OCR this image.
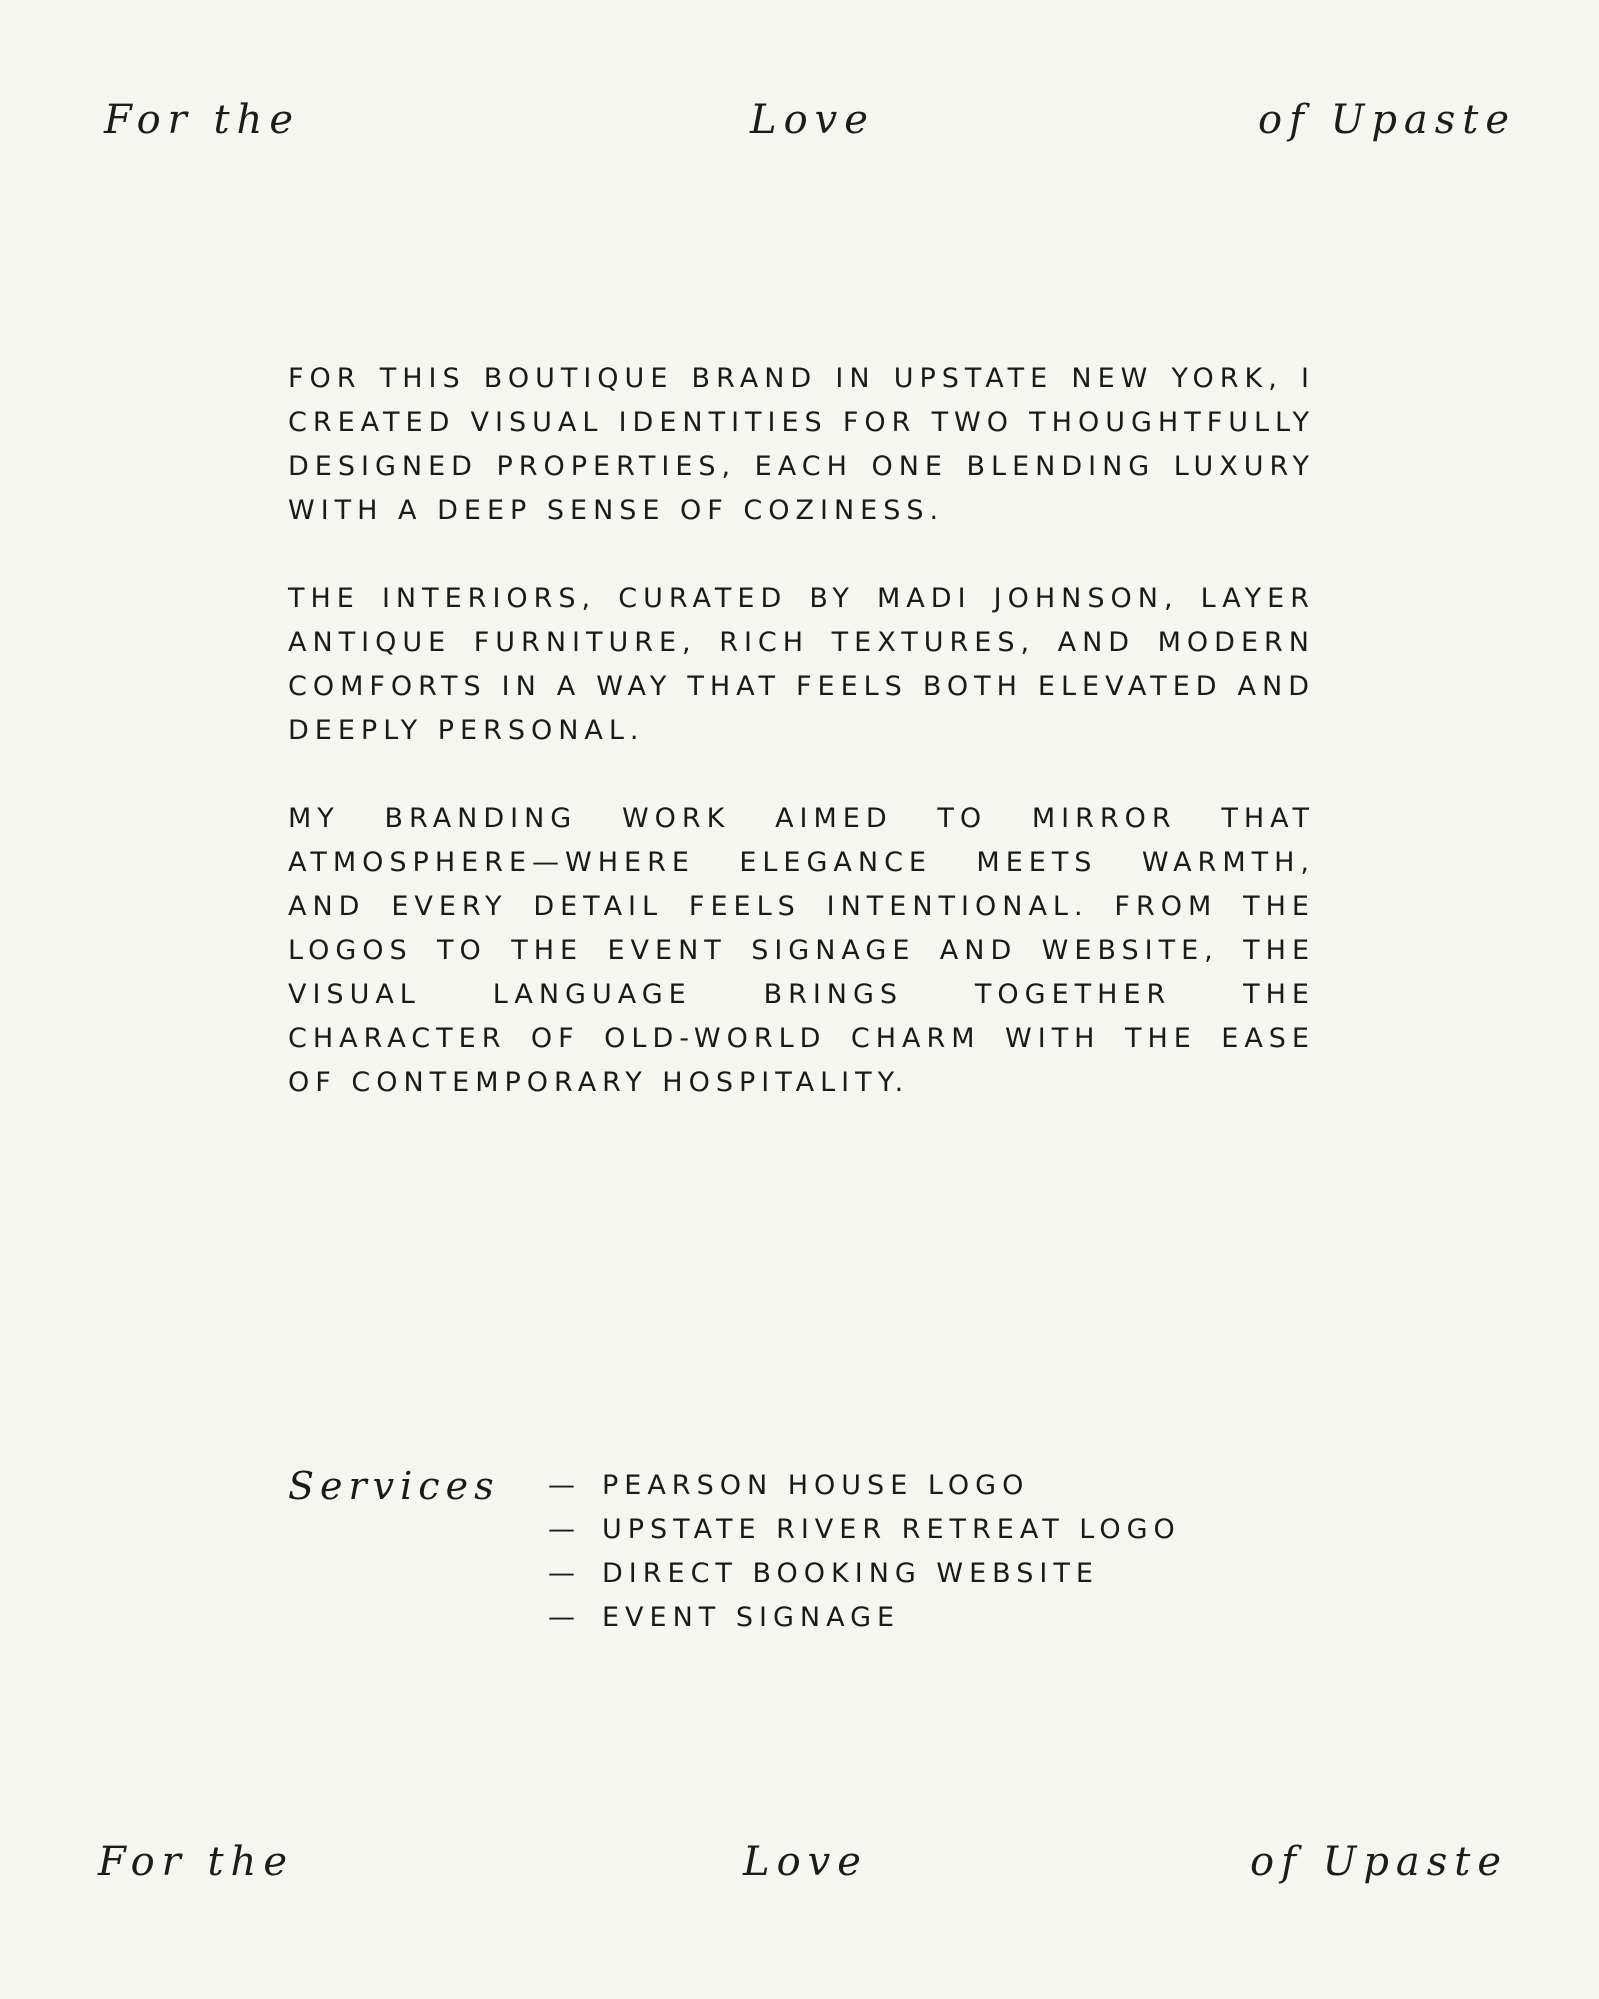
For the	Love	of Upaste

FOR THIS BOUTIQUE BRAND IN UPSTATE NEW YORK, I CREATED VISUAL IDENTITIES FOR TWO THOUGHTFULLY DESIGNED PROPERTIES, EACH ONE BLENDING LUXURY WITH A DEEP SENSE OF COZINESS.

THE INTERIORS, CURATED BY MADI JOHNSON, LAYER ANTIQUE FURNITURE, RICH TEXTURES, AND MODERN COMFORTS IN A WAY THAT FEELS BOTH ELEVATED AND DEEPLY PERSONAL.

MY BRANDING WORK AIMED TO MIRROR THAT ATMOSPHERE—WHERE ELEGANCE MEETS WARMTH, AND EVERY DETAIL FEELS INTENTIONAL. FROM THE LOGOS TO THE EVENT SIGNAGE AND WEBSITE, THE VISUAL LANGUAGE BRINGS TOGETHER THE CHARACTER OF OLD-WORLD CHARM WITH THE EASE OF CONTEMPORARY HOSPITALITY.

Services — PEARSON HOUSE LOGO
— UPSTATE RIVER RETREAT LOGO
— DIRECT BOOKING WEBSITE
— EVENT SIGNAGE
For the	Love	of Upaste
